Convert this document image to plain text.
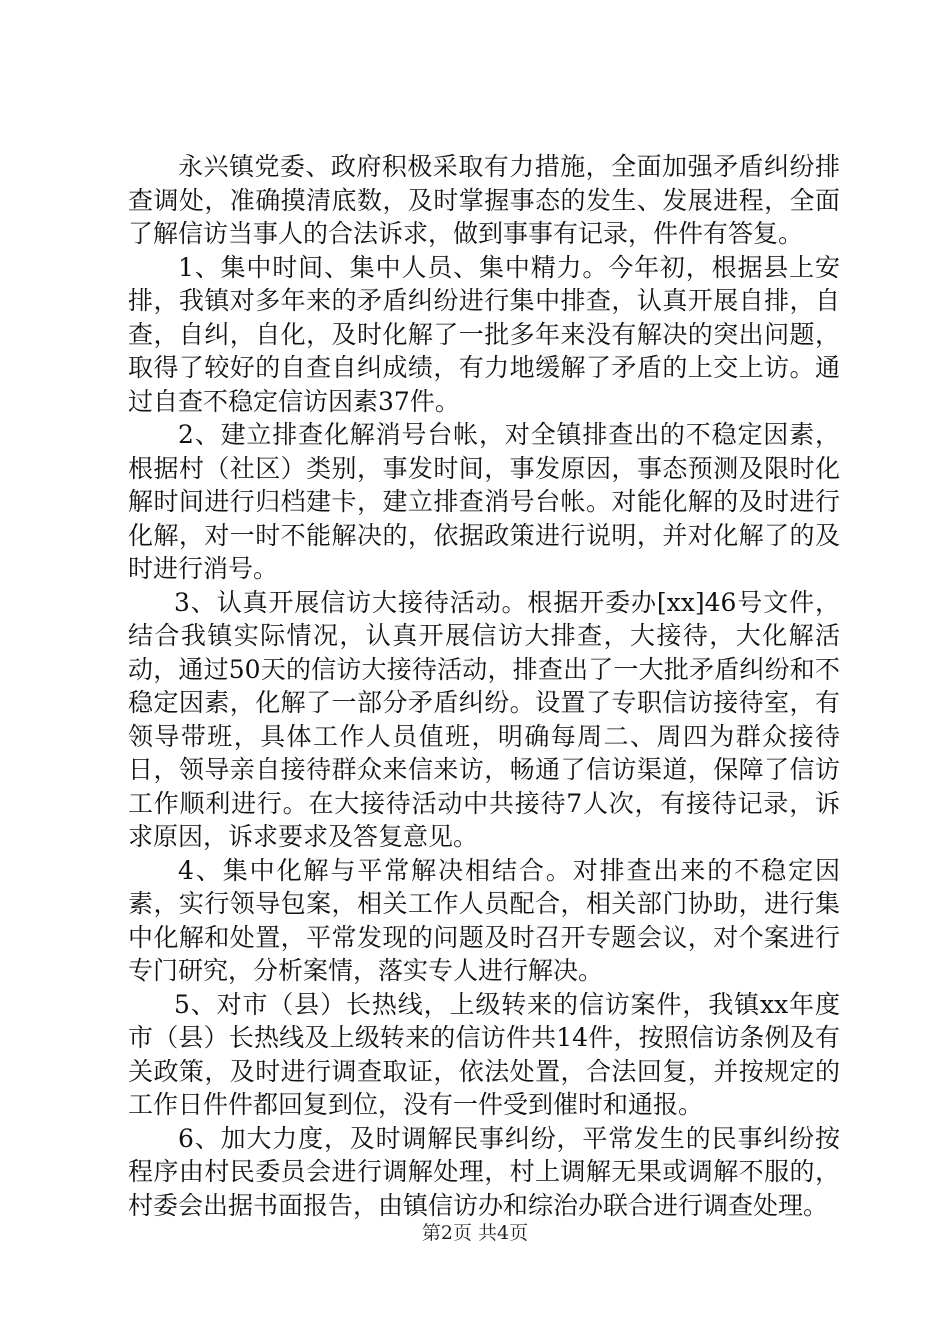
永兴镇党委、政府积极采取有力措施，全面加强矛盾纠纷排查调处，准确摸清底数，及时掌握事态的发生、发展进程，全面了解信访当事人的合法诉求，做到事事有记录，件件有答复。

1、集中时间、集中人员、集中精力。今年初，根据县上安排，我镇对多年来的矛盾纠纷进行集中排查，认真开展自排，自查，自纠，自化，及时化解了一批多年来没有解决的突出问题，取得了较好的自查自纠成绩，有力地缓解了矛盾的上交上访。通过自查不稳定信访因素37件。

2、建立排查化解消号台帐，对全镇排查出的不稳定因素，根据村（社区）类别，事发时间，事发原因，事态预测及限时化解时间进行归档建卡，建立排查消号台帐。对能化解的及时进行化解，对一时不能解决的，依据政策进行说明，并对化解了的及时进行消号。

3、认真开展信访大接待活动。根据开委办[xx]46号文件，结合我镇实际情况，认真开展信访大排查，大接待，大化解活动，通过50天的信访大接待活动，排查出了一大批矛盾纠纷和不稳定因素，化解了一部分矛盾纠纷。设置了专职信访接待室，有领导带班，具体工作人员值班，明确每周二、周四为群众接待日，领导亲自接待群众来信来访，畅通了信访渠道，保障了信访工作顺利进行。在大接待活动中共接待7人次，有接待记录，诉求原因，诉求要求及答复意见。

4、集中化解与平常解决相结合。对排查出来的不稳定因素，实行领导包案，相关工作人员配合，相关部门协助，进行集中化解和处置，平常发现的问题及时召开专题会议，对个案进行专门研究，分析案情，落实专人进行解决。

5、对市（县）长热线，上级转来的信访案件，我镇xx年度市（县）长热线及上级转来的信访件共14件，按照信访条例及有关政策，及时进行调查取证，依法处置，合法回复，并按规定的工作日件件都回复到位，没有一件受到催时和通报。

6、加大力度，及时调解民事纠纷，平常发生的民事纠纷按程序由村民委员会进行调解处理，村上调解无果或调解不服的，村委会出据书面报告，由镇信访办和综治办联合进行调查处理。

第2页 共4页
